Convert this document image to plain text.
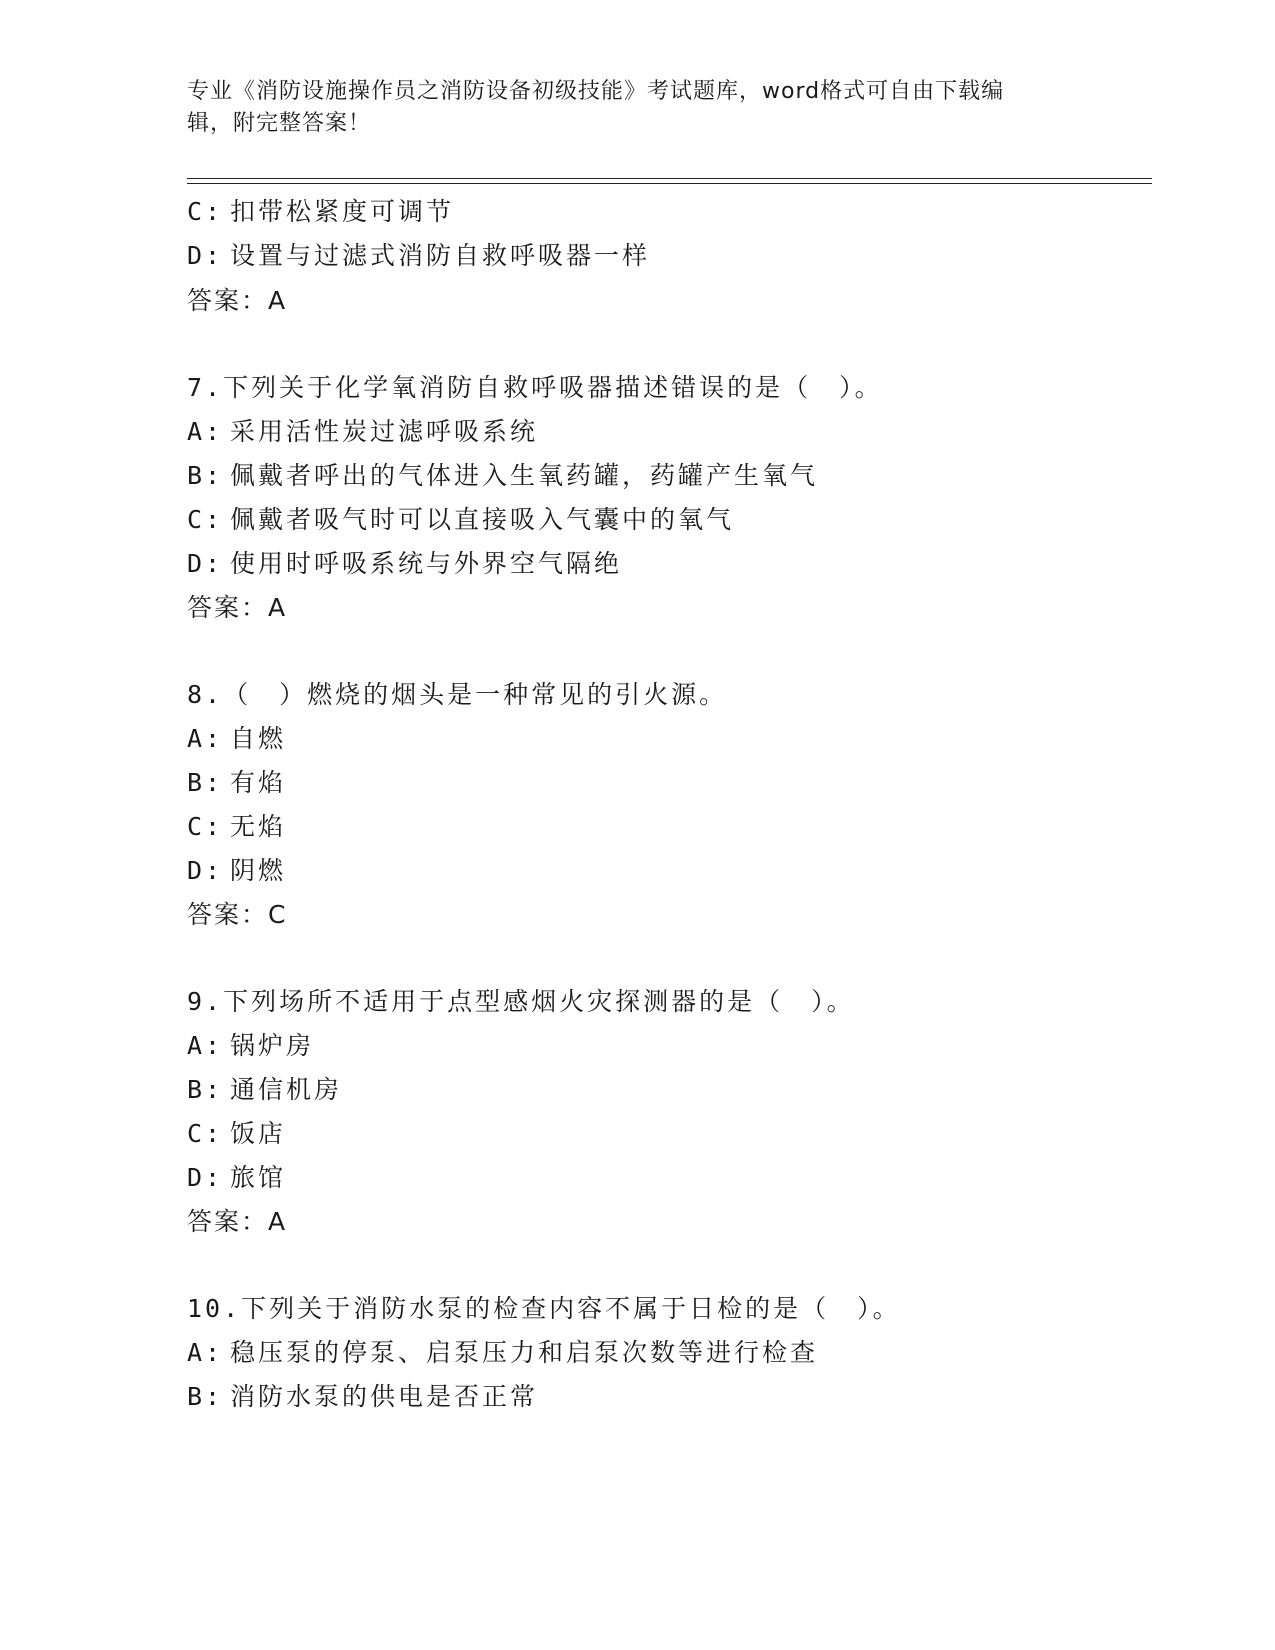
专业《消防设施操作员之消防设备初级技能》考试题库，word格式可自由下载编
辑，附完整答案！
C: 扣带松紧度可调节
D: 设置与过滤式消防自救呼吸器一样
答案：A
7.下列关于化学氧消防自救呼吸器描述错误的是（　）。
A: 采用活性炭过滤呼吸系统
B: 佩戴者呼出的气体进入生氧药罐，药罐产生氧气
C: 佩戴者吸气时可以直接吸入气囊中的氧气
D: 使用时呼吸系统与外界空气隔绝
答案：A
8.（　）燃烧的烟头是一种常见的引火源。
A: 自燃
B: 有焰
C: 无焰
D: 阴燃
答案：C
9.下列场所不适用于点型感烟火灾探测器的是（　）。
A: 锅炉房
B: 通信机房
C: 饭店
D: 旅馆
答案：A
10.下列关于消防水泵的检查内容不属于日检的是（　）。
A: 稳压泵的停泵、启泵压力和启泵次数等进行检查
B: 消防水泵的供电是否正常
